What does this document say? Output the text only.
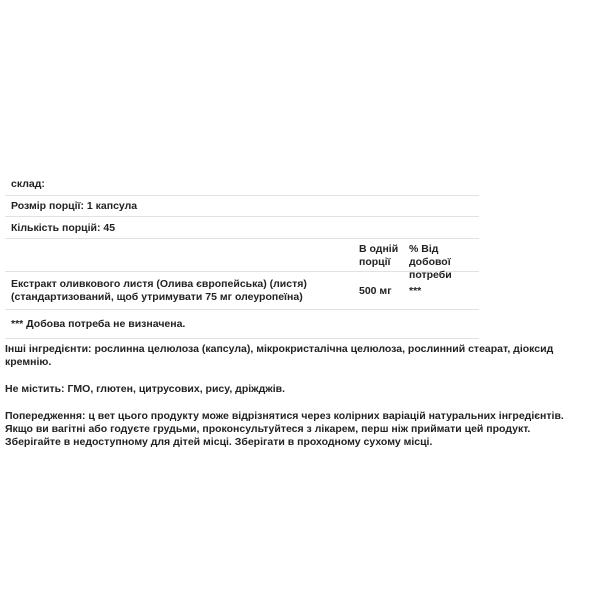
склад:
Розмір порції: 1 капсула
Кількість порцій: 45
В одній
порції
% Від добової
потреби
Екстракт оливкового листя (Олива європейська) (листя)
(стандартизований, щоб утримувати 75 мг олеуропеїна)	500 мг ***
*** Добова потреба не визначена.

Інші інгредієнти: рослинна целюлоза (капсула), мікрокристалічна целюлоза, рослинний стеарат, діоксид кремнію.

Не містить: ГМО, глютен, цитрусових, рису, дріжджів.

Попередження: ц вет цього продукту може відрізнятися через колірних варіацій натуральних інгредієнтів. Якщо ви вагітні або годуєте грудьми, проконсультуйтеся з лікарем, перш ніж приймати цей продукт. Зберігайте в недоступному для дітей місці. Зберігати в проходному сухому місці.
